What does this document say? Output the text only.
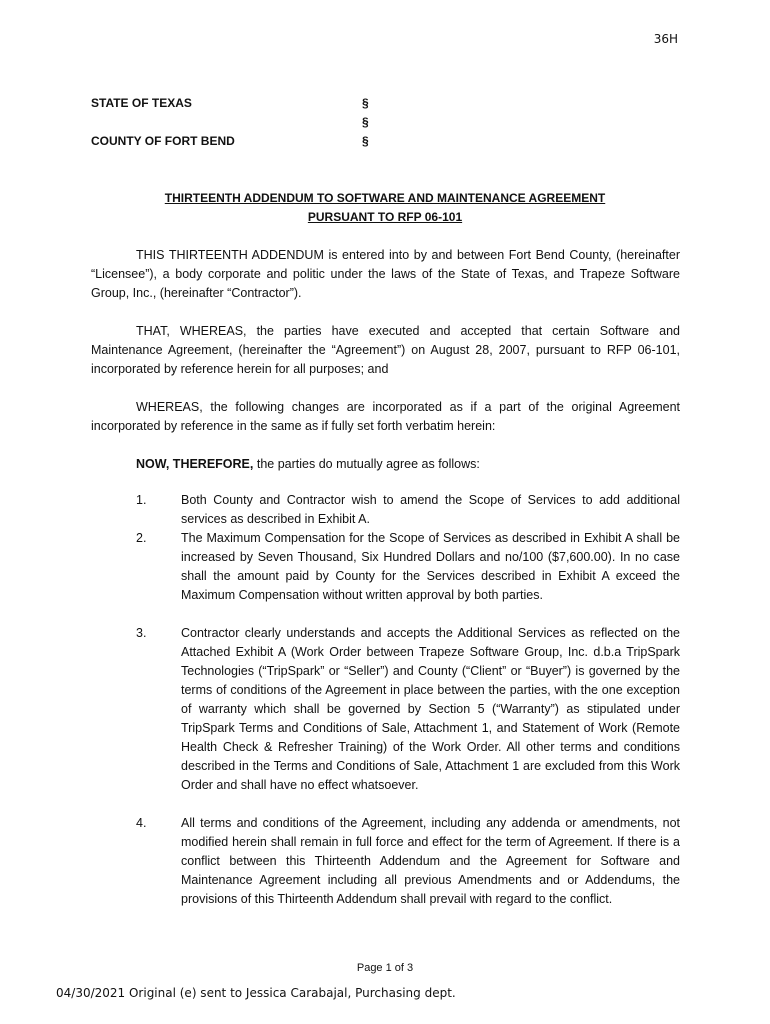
36H
STATE OF TEXAS	§
§
COUNTY OF FORT BEND	§
THIRTEENTH ADDENDUM TO SOFTWARE AND MAINTENANCE AGREEMENT
PURSUANT TO RFP 06-101
THIS THIRTEENTH ADDENDUM is entered into by and between Fort Bend County, (hereinafter “Licensee”), a body corporate and politic under the laws of the State of Texas, and Trapeze Software Group, Inc., (hereinafter “Contractor”).
THAT, WHEREAS, the parties have executed and accepted that certain Software and Maintenance Agreement, (hereinafter the “Agreement”) on August 28, 2007, pursuant to RFP 06-101, incorporated by reference herein for all purposes; and
WHEREAS, the following changes are incorporated as if a part of the original Agreement incorporated by reference in the same as if fully set forth verbatim herein:
NOW, THEREFORE, the parties do mutually agree as follows:
1.	Both County and Contractor wish to amend the Scope of Services to add additional services as described in Exhibit A.
2.	The Maximum Compensation for the Scope of Services as described in Exhibit A shall be increased by Seven Thousand, Six Hundred Dollars and no/100 ($7,600.00). In no case shall the amount paid by County for the Services described in Exhibit A exceed the Maximum Compensation without written approval by both parties.
3.	Contractor clearly understands and accepts the Additional Services as reflected on the Attached Exhibit A (Work Order between Trapeze Software Group, Inc. d.b.a TripSpark Technologies (“TripSpark” or “Seller”) and County (“Client” or “Buyer”) is governed by the terms of conditions of the Agreement in place between the parties, with the one exception of warranty which shall be governed by Section 5 (“Warranty”) as stipulated under TripSpark Terms and Conditions of Sale, Attachment 1, and Statement of Work (Remote Health Check & Refresher Training) of the Work Order. All other terms and conditions described in the Terms and Conditions of Sale, Attachment 1 are excluded from this Work Order and shall have no effect whatsoever.
4.	All terms and conditions of the Agreement, including any addenda or amendments, not modified herein shall remain in full force and effect for the term of Agreement. If there is a conflict between this Thirteenth Addendum and the Agreement for Software and Maintenance Agreement including all previous Amendments and or Addendums, the provisions of this Thirteenth Addendum shall prevail with regard to the conflict.
Page 1 of 3
04/30/2021 Original (e) sent to Jessica Carabajal, Purchasing dept.
